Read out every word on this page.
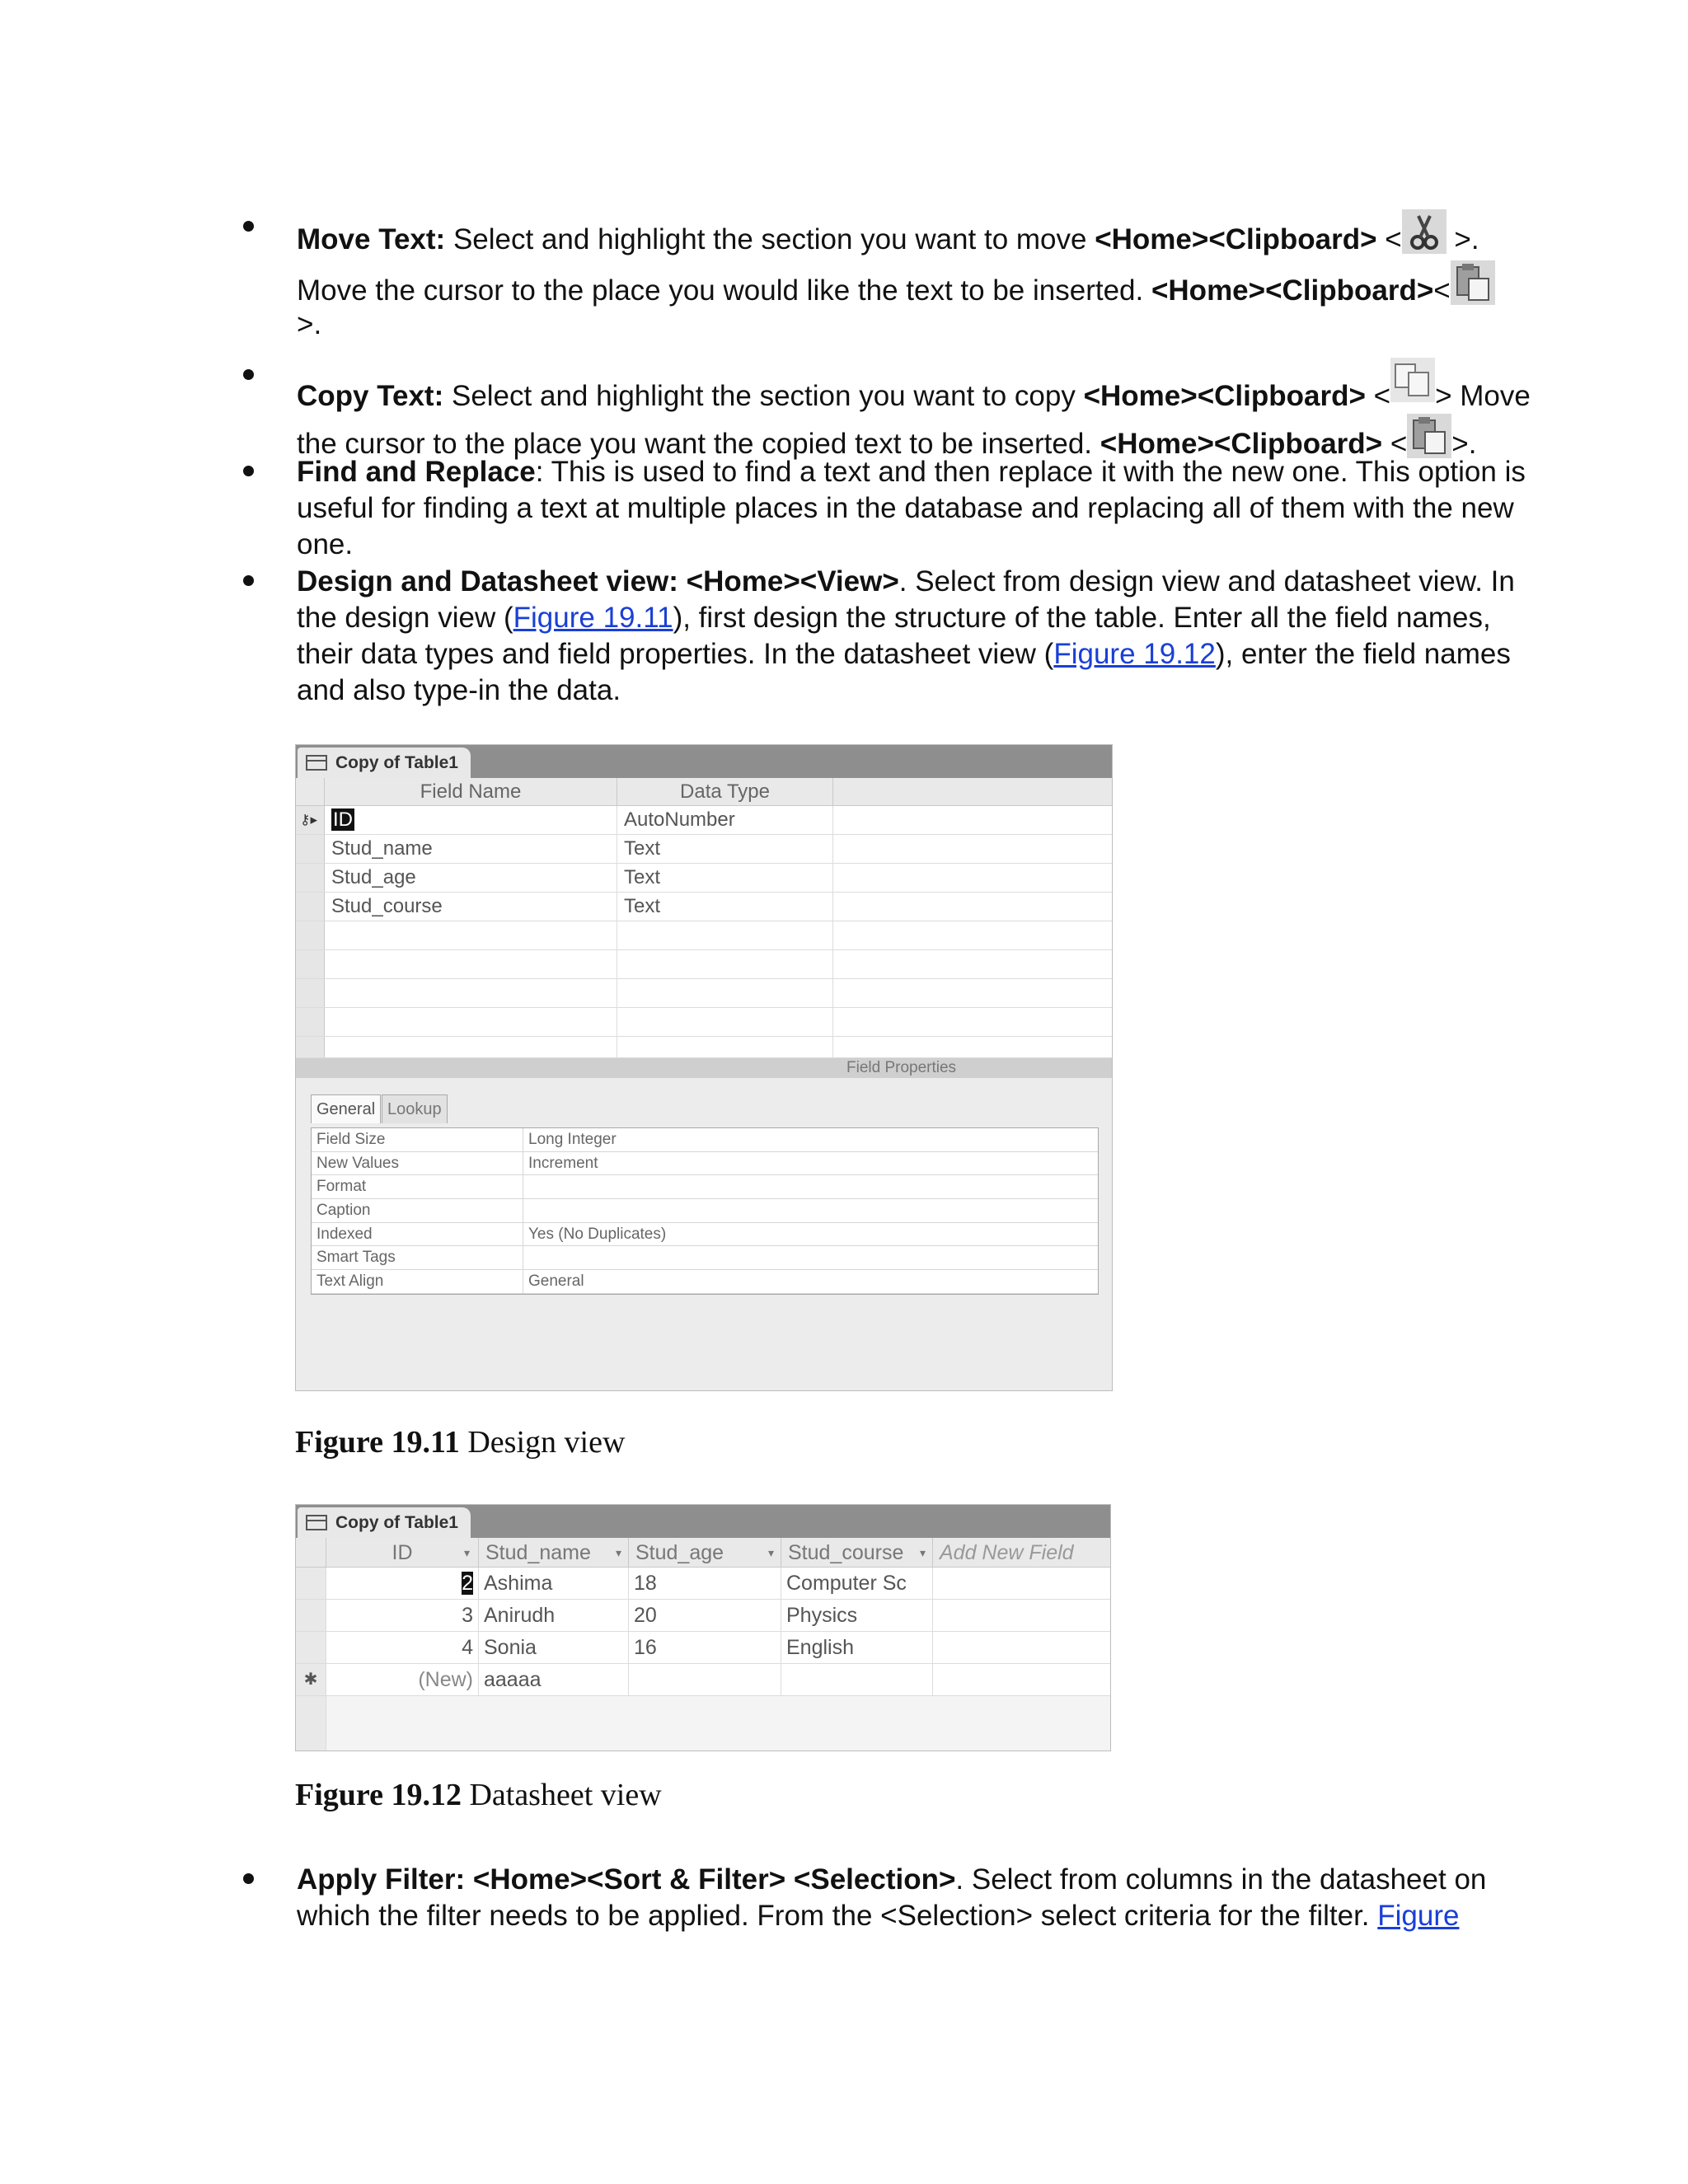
Move Text: Select and highlight the section you want to move <Home><Clipboard> < >.
Move the cursor to the place you would like the text to be inserted. <Home><Clipboard><
>.
Copy Text: Select and highlight the section you want to copy <Home><Clipboard> < > Move
the cursor to the place you want the copied text to be inserted. <Home><Clipboard> < >.
Find and Replace: This is used to find a text and then replace it with the new one. This option is
useful for finding a text at multiple places in the database and replacing all of them with the new
one.
Design and Datasheet view: <Home><View>. Select from design view and datasheet view. In
the design view (Figure 19.11), first design the structure of the table. Enter all the field names,
their data types and field properties. In the datasheet view (Figure 19.12), enter the field names
and also type-in the data.
Copy of Table1
Field Name	Data Type
⚷▸ ID	AutoNumber
Stud_name	Text
Stud_age	Text
Stud_course	Text
Field Properties
General Lookup
Field Size	Long Integer
New Values	Increment
Format
Caption
Indexed	Yes (No Duplicates)
Smart Tags
Text Align	General
Figure 19.11 Design view
Copy of Table1
ID	▾ Stud_name ▾ Stud_age	▾ Stud_course ▾ Add New Field
2 Ashima	18	Computer Sc
3 Anirudh	20	Physics
4 Sonia	16	English
✱	(New) aaaaa
Figure 19.12 Datasheet view
Apply Filter: <Home><Sort & Filter> <Selection>. Select from columns in the datasheet on
which the filter needs to be applied. From the <Selection> select criteria for the filter. Figure
